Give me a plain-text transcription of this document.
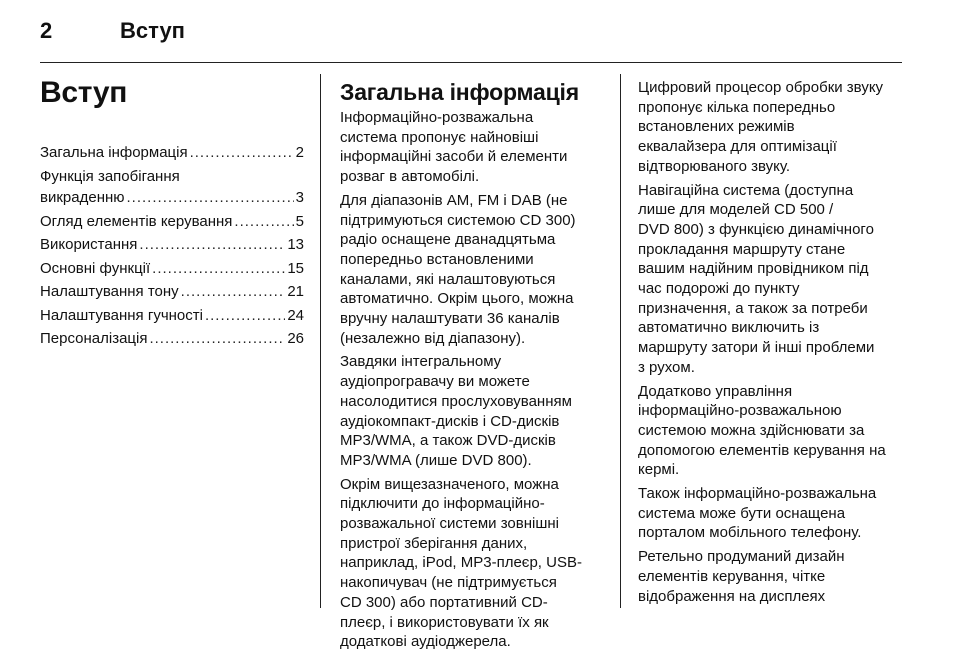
2	Вступ
Вступ
Загальна інформація .....	2
Функція запобігання
викраденню .....	3
Огляд елементів керування .....	5
Використання .....	13
Основні функції .....	15
Налаштування тону .....	21
Налаштування гучності .....	24
Персоналізація .....	26
Загальна інформація

Інформаційно-розважальна
система пропонує найновіші
інформаційні засоби й елементи
розваг в автомобілі.

Для діапазонів AM, FM і DAB (не
підтримуються системою CD 300)
радіо оснащене дванадцятьма
попередньо встановленими
каналами, які налаштовуються
автоматично. Окрім цього, можна
вручну налаштувати 36 каналів
(незалежно від діапазону).

Завдяки інтегральному
аудіопрогравачу ви можете
насолодитися прослуховуванням
аудіокомпакт-дисків і CD-дисків
MP3/WMA, а також DVD-дисків
MP3/WMA (лише DVD 800).

Окрім вищезазначеного, можна
підключити до інформаційно-
розважальної системи зовнішні
пристрої зберігання даних,
наприклад, iPod, MP3-плеєр, USB-
накопичувач (не підтримується
CD 300) або портативний CD-
плеєр, і використовувати їх як
додаткові аудіоджерела.

Цифровий процесор обробки звуку
пропонує кілька попередньо
встановлених режимів
еквалайзера для оптимізації
відтворюваного звуку.

Навігаційна система (доступна
лише для моделей CD 500 /
DVD 800) з функцією динамічного
прокладання маршруту стане
вашим надійним провідником під
час подорожі до пункту
призначення, а також за потреби
автоматично виключить із
маршруту затори й інші проблеми
з рухом.

Додатково управління
інформаційно-розважальною
системою можна здійснювати за
допомогою елементів керування на
кермі.

Також інформаційно-розважальна
система може бути оснащена
порталом мобільного телефону.

Ретельно продуманий дизайн
елементів керування, чітке
відображення на дисплеях
